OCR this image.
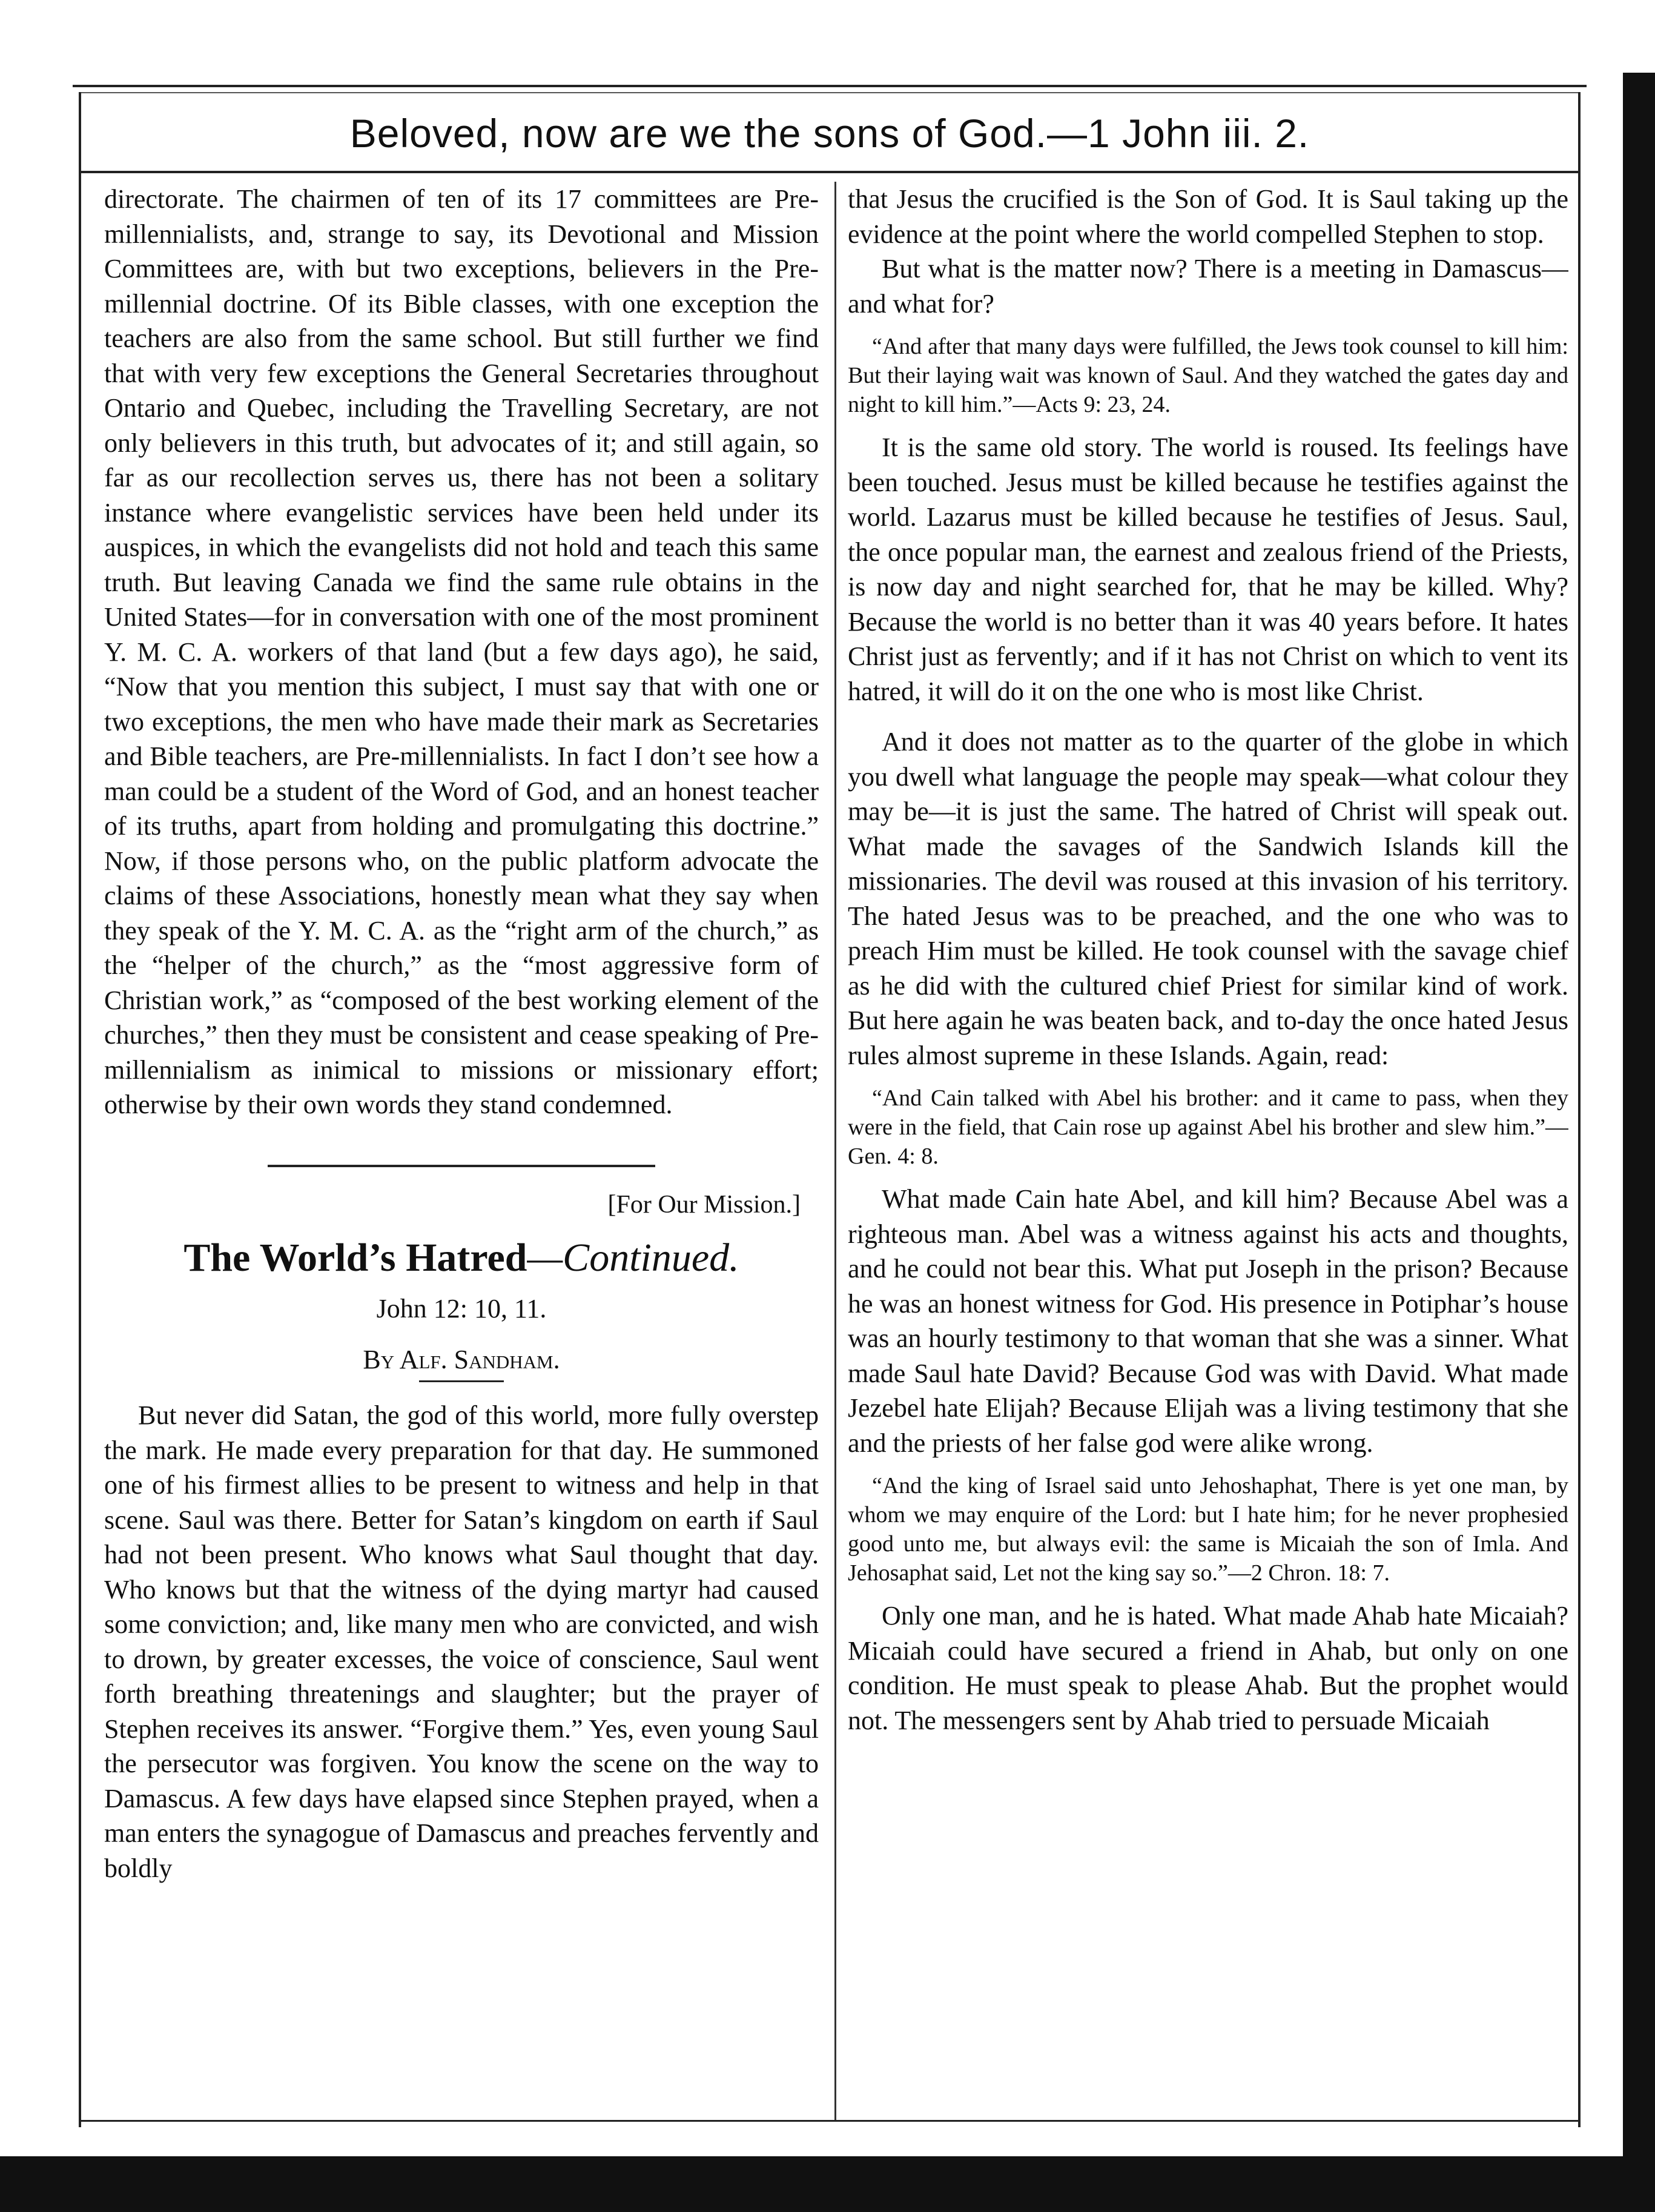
Beloved, now are we the sons of God.—1 John iii. 2.

directorate. The chairmen of ten of its 17 committees are Pre-millennialists, and, strange to say, its Devotional and Mission Committees are, with but two exceptions, believers in the Pre-millennial doctrine. Of its Bible classes, with one exception the teachers are also from the same school. But still further we find that with very few exceptions the General Secretaries throughout Ontario and Quebec, including the Travelling Secretary, are not only believers in this truth, but advocates of it; and still again, so far as our recollection serves us, there has not been a solitary instance where evangelistic services have been held under its auspices, in which the evangelists did not hold and teach this same truth. But leaving Canada we find the same rule obtains in the United States—for in conversation with one of the most prominent Y. M. C. A. workers of that land (but a few days ago), he said, “Now that you mention this subject, I must say that with one or two exceptions, the men who have made their mark as Secretaries and Bible teachers, are Pre-millennialists. In fact I don’t see how a man could be a student of the Word of God, and an honest teacher of its truths, apart from holding and promulgating this doctrine.” Now, if those persons who, on the public platform advocate the claims of these Associations, honestly mean what they say when they speak of the Y. M. C. A. as the “right arm of the church,” as the “helper of the church,” as the “most aggressive form of Christian work,” as “composed of the best working element of the churches,” then they must be consistent and cease speaking of Pre-millennialism as inimical to missions or missionary effort; otherwise by their own words they stand condemned.

[For Our Mission.]
The World’s Hatred—Continued.
John 12: 10, 11.
By Alf. Sandham.

But never did Satan, the god of this world, more fully overstep the mark. He made every preparation for that day. He summoned one of his firmest allies to be present to witness and help in that scene. Saul was there. Better for Satan’s kingdom on earth if Saul had not been present. Who knows what Saul thought that day. Who knows but that the witness of the dying martyr had caused some conviction; and, like many men who are convicted, and wish to drown, by greater excesses, the voice of conscience, Saul went forth breathing threatenings and slaughter; but the prayer of Stephen receives its answer. “Forgive them.” Yes, even young Saul the persecutor was forgiven. You know the scene on the way to Damascus. A few days have elapsed since Stephen prayed, when a man enters the synagogue of Damascus and preaches fervently and boldly

that Jesus the crucified is the Son of God. It is Saul taking up the evidence at the point where the world compelled Stephen to stop.

But what is the matter now? There is a meeting in Damascus—and what for?

“And after that many days were fulfilled, the Jews took counsel to kill him: But their laying wait was known of Saul. And they watched the gates day and night to kill him.”—Acts 9: 23, 24.

It is the same old story. The world is roused. Its feelings have been touched. Jesus must be killed because he testifies against the world. Lazarus must be killed because he testifies of Jesus. Saul, the once popular man, the earnest and zealous friend of the Priests, is now day and night searched for, that he may be killed. Why? Because the world is no better than it was 40 years before. It hates Christ just as fervently; and if it has not Christ on which to vent its hatred, it will do it on the one who is most like Christ.

And it does not matter as to the quarter of the globe in which you dwell what language the people may speak—what colour they may be—it is just the same. The hatred of Christ will speak out. What made the savages of the Sandwich Islands kill the missionaries. The devil was roused at this invasion of his territory. The hated Jesus was to be preached, and the one who was to preach Him must be killed. He took counsel with the savage chief as he did with the cultured chief Priest for similar kind of work. But here again he was beaten back, and to-day the once hated Jesus rules almost supreme in these Islands. Again, read:

“And Cain talked with Abel his brother: and it came to pass, when they were in the field, that Cain rose up against Abel his brother and slew him.”—Gen. 4: 8.

What made Cain hate Abel, and kill him? Because Abel was a righteous man. Abel was a witness against his acts and thoughts, and he could not bear this. What put Joseph in the prison? Because he was an honest witness for God. His presence in Potiphar’s house was an hourly testimony to that woman that she was a sinner. What made Saul hate David? Because God was with David. What made Jezebel hate Elijah? Because Elijah was a living testimony that she and the priests of her false god were alike wrong.

“And the king of Israel said unto Jehoshaphat, There is yet one man, by whom we may enquire of the Lord: but I hate him; for he never prophesied good unto me, but always evil: the same is Micaiah the son of Imla. And Jehosaphat said, Let not the king say so.”—2 Chron. 18: 7.

Only one man, and he is hated. What made Ahab hate Micaiah? Micaiah could have secured a friend in Ahab, but only on one condition. He must speak to please Ahab. But the prophet would not. The messengers sent by Ahab tried to persuade Micaiah
